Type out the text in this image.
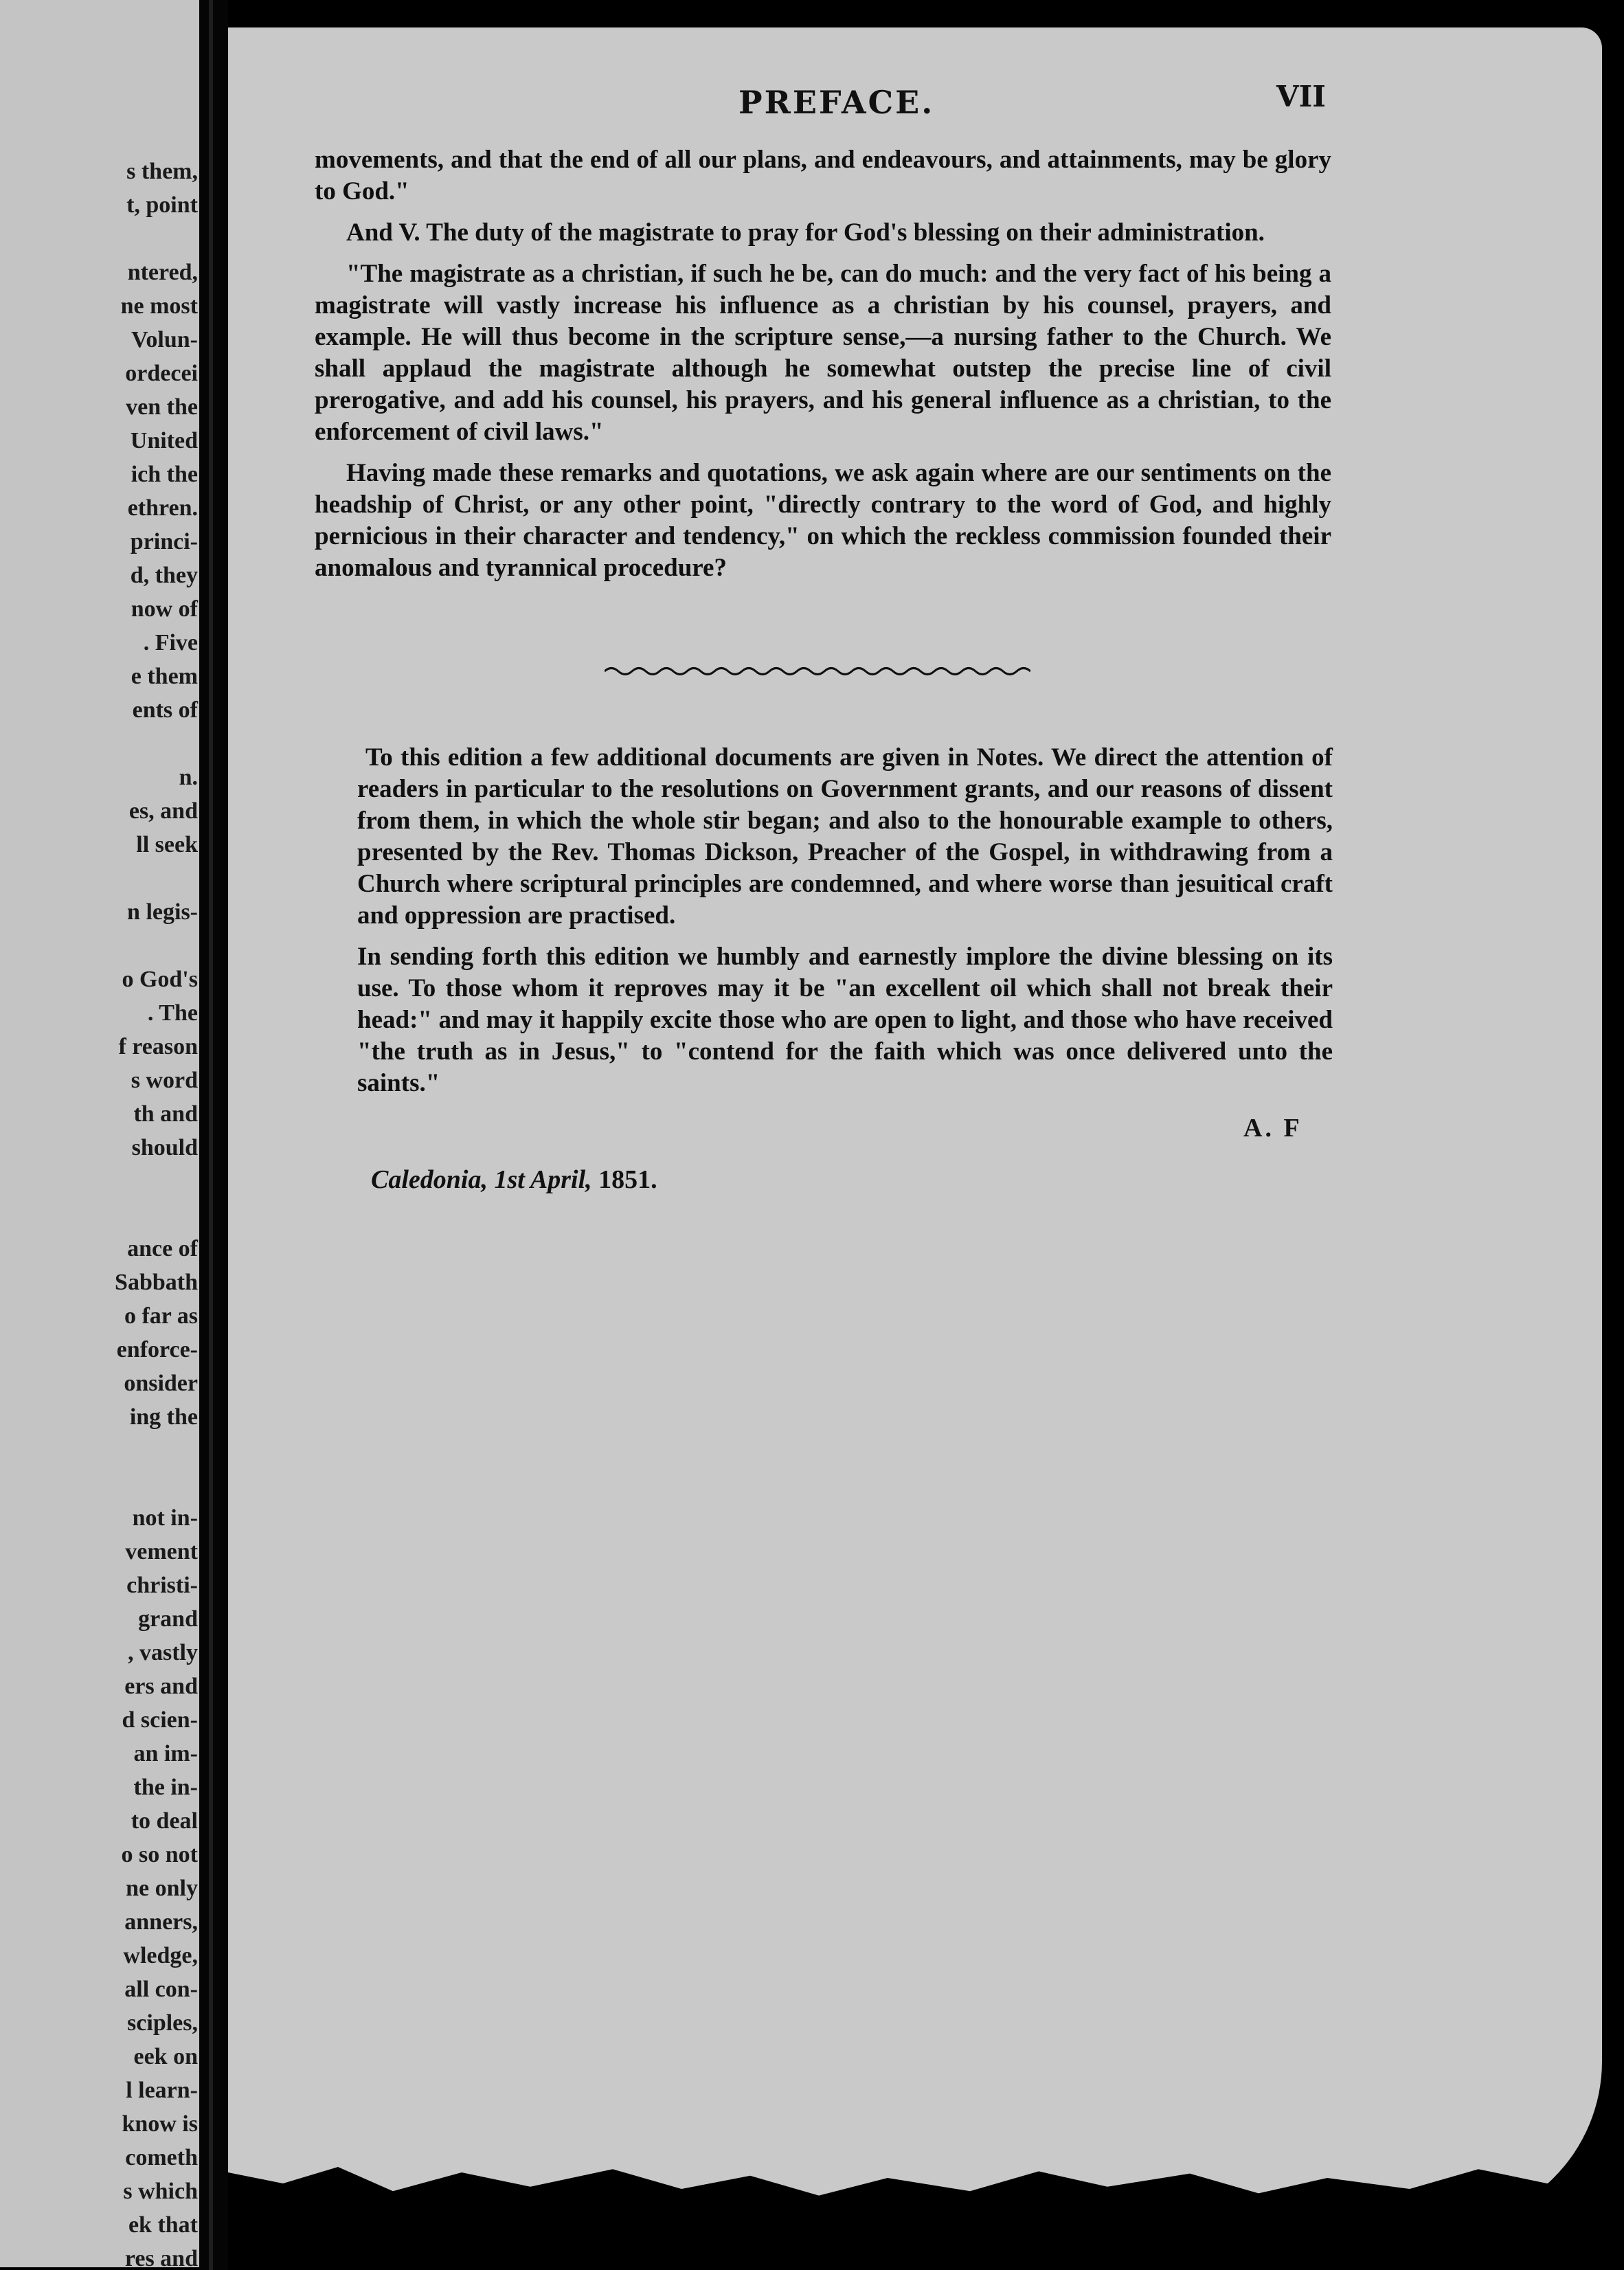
s them,
t, point
ntered,
ne most
Volun-
ordecei
ven the
United
ich the
ethren.
princi-
d, they
now of
. Five
e them
ents of
n.
es, and
ll seek
n legis-
o God's
. The
f reason
s word
th and
should
ance of
Sabbath
o far as
enforce-
onsider
ing the
not in-
vement
christi-
grand
, vastly
ers and
d scien-
an im-
the in-
to deal
o so not
ne only
anners,
wledge,
all con-
sciples,
eek on
l learn-
know is
cometh
s which
ek that
res and
PREFACE.	VII

movements, and that the end of all our plans, and endeavours, and attainments, may be glory to God."

And V. The duty of the magistrate to pray for God's blessing on their administration.

"The magistrate as a christian, if such he be, can do much: and the very fact of his being a magistrate will vastly increase his influence as a christian by his counsel, prayers, and example. He will thus become in the scripture sense,—a nursing father to the Church. We shall applaud the magistrate although he somewhat outstep the precise line of civil prerogative, and add his counsel, his prayers, and his general influence as a christian, to the enforcement of civil laws."

Having made these remarks and quotations, we ask again where are our sentiments on the headship of Christ, or any other point, "directly contrary to the word of God, and highly pernicious in their character and tendency," on which the reckless commission founded their anomalous and tyrannical procedure?

To this edition a few additional documents are given in Notes. We direct the attention of readers in particular to the resolutions on Government grants, and our reasons of dissent from them, in which the whole stir began; and also to the honourable example to others, presented by the Rev. Thomas Dickson, Preacher of the Gospel, in withdrawing from a Church where scriptural principles are condemned, and where worse than jesuitical craft and oppression are practised.

In sending forth this edition we humbly and earnestly implore the divine blessing on its use. To those whom it reproves may it be "an excellent oil which shall not break their head:" and may it happily excite those who are open to light, and those who have received "the truth as in Jesus," to "contend for the faith which was once delivered unto the saints."

A. F
Caledonia, 1st April, 1851.
